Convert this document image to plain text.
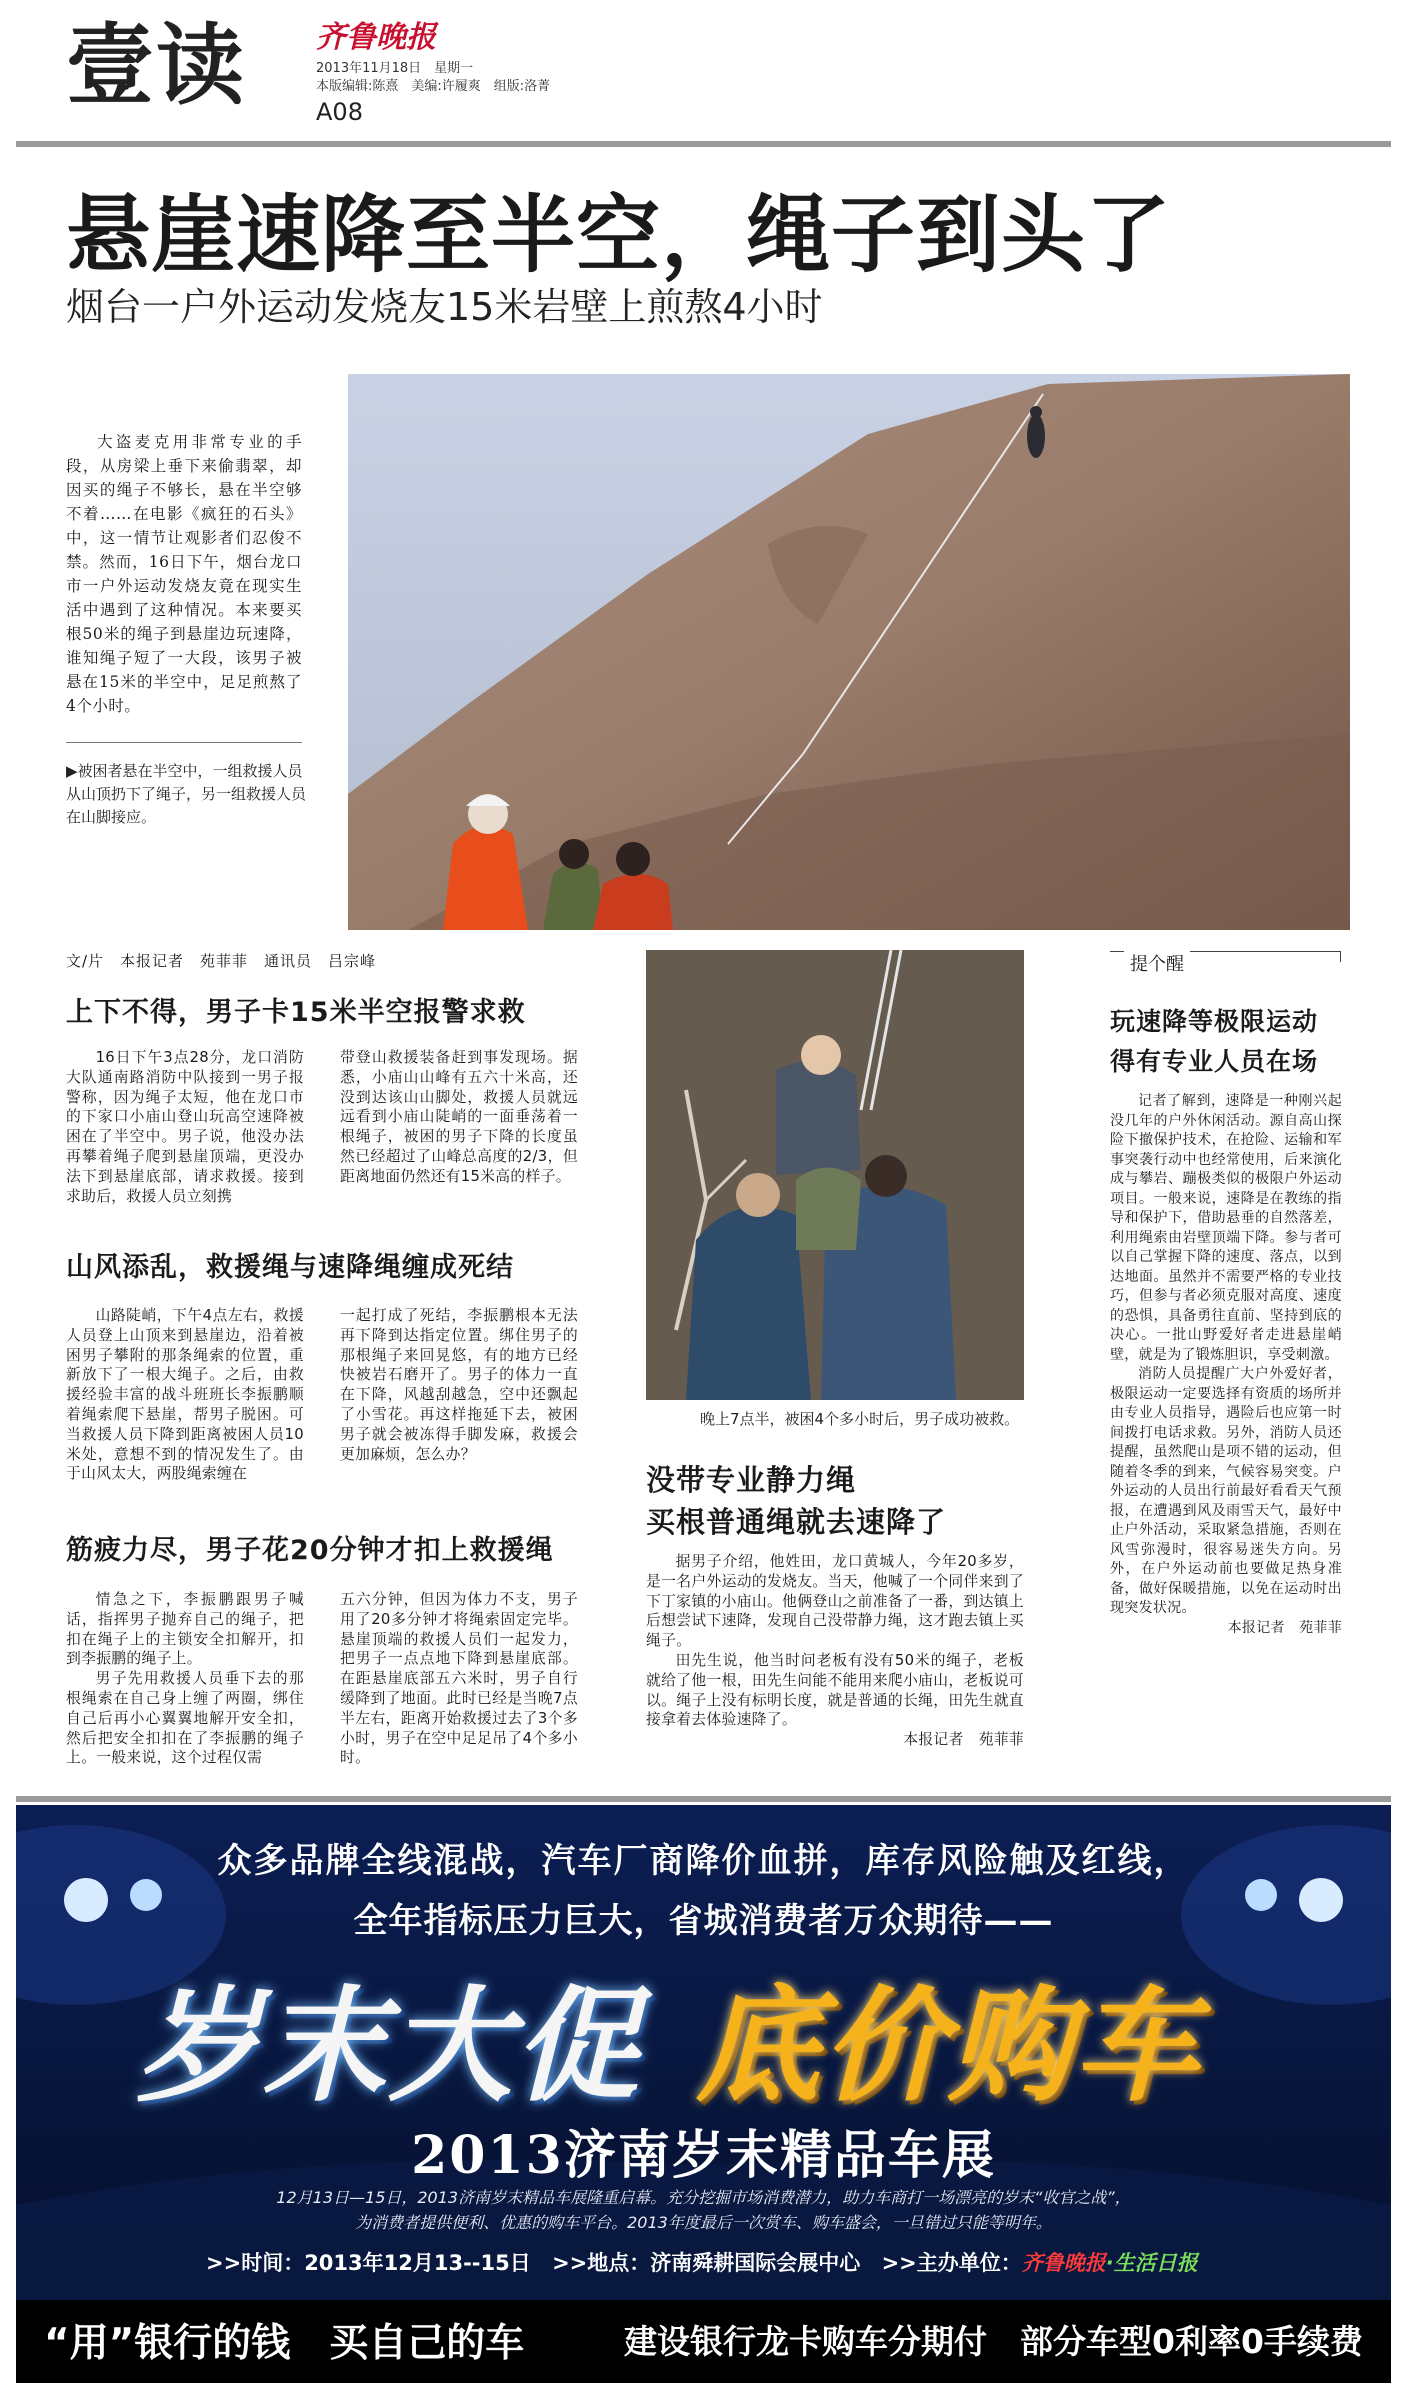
壹读 齐鲁晚报
2013年11月18日　星期一
本版编辑:陈熹　美编:许履爽　组版:洛菁
A08
悬崖速降至半空，绳子到头了
烟台一户外运动发烧友15米岩壁上煎熬4小时
大盗麦克用非常专业的手段，从房梁上垂下来偷翡翠，却因买的绳子不够长，悬在半空够不着……在电影《疯狂的石头》中，这一情节让观影者们忍俊不禁。然而，16日下午，烟台龙口市一户外运动发烧友竟在现实生活中遇到了这种情况。本来要买根50米的绳子到悬崖边玩速降，谁知绳子短了一大段，该男子被悬在15米的半空中，足足煎熬了4个小时。
▶被困者悬在半空中，一组救援人员从山顶扔下了绳子，另一组救援人员在山脚接应。
文/片　本报记者　苑菲菲　通讯员　吕宗峰
上下不得，男子卡15米半空报警求救
16日下午3点28分，龙口消防大队通南路消防中队接到一男子报警称，因为绳子太短，他在龙口市的下家口小庙山登山玩高空速降被困在了半空中。男子说，他没办法再攀着绳子爬到悬崖顶端，更没办法下到悬崖底部，请求救援。接到求助后，救援人员立刻携
带登山救援装备赶到事发现场。据悉，小庙山山峰有五六十米高，还没到达该山山脚处，救援人员就远远看到小庙山陡峭的一面垂荡着一根绳子，被困的男子下降的长度虽然已经超过了山峰总高度的2/3，但距离地面仍然还有15米高的样子。
山风添乱，救援绳与速降绳缠成死结
山路陡峭，下午4点左右，救援人员登上山顶来到悬崖边，沿着被困男子攀附的那条绳索的位置，重新放下了一根大绳子。之后，由救援经验丰富的战斗班班长李振鹏顺着绳索爬下悬崖，帮男子脱困。可当救援人员下降到距离被困人员10米处，意想不到的情况发生了。由于山风太大，两股绳索缠在
一起打成了死结，李振鹏根本无法再下降到达指定位置。绑住男子的那根绳子来回晃悠，有的地方已经快被岩石磨开了。男子的体力一直在下降，风越刮越急，空中还飘起了小雪花。再这样拖延下去，被困男子就会被冻得手脚发麻，救援会更加麻烦，怎么办？
筋疲力尽，男子花20分钟才扣上救援绳
情急之下，李振鹏跟男子喊话，指挥男子抛弃自己的绳子，把扣在绳子上的主锁安全扣解开，扣到李振鹏的绳子上。
男子先用救援人员垂下去的那根绳索在自己身上缠了两圈，绑住自己后再小心翼翼地解开安全扣，然后把安全扣扣在了李振鹏的绳子上。一般来说，这个过程仅需
五六分钟，但因为体力不支，男子用了20多分钟才将绳索固定完毕。悬崖顶端的救援人员们一起发力，把男子一点点地下降到悬崖底部。在距悬崖底部五六米时，男子自行缓降到了地面。此时已经是当晚7点半左右，距离开始救援过去了3个多小时，男子在空中足足吊了4个多小时。
晚上7点半，被困4个多小时后，男子成功被救。
没带专业静力绳
买根普通绳就去速降了
据男子介绍，他姓田，龙口黄城人，今年20多岁，是一名户外运动的发烧友。当天，他喊了一个同伴来到了下丁家镇的小庙山。他俩登山之前准备了一番，到达镇上后想尝试下速降，发现自己没带静力绳，这才跑去镇上买绳子。
田先生说，他当时问老板有没有50米的绳子，老板就给了他一根，田先生问能不能用来爬小庙山，老板说可以。绳子上没有标明长度，就是普通的长绳，田先生就直接拿着去体验速降了。
本报记者　苑菲菲
提个醒
玩速降等极限运动
得有专业人员在场
记者了解到，速降是一种刚兴起没几年的户外休闲活动。源自高山探险下撤保护技术，在抢险、运输和军事突袭行动中也经常使用，后来演化成与攀岩、蹦极类似的极限户外运动项目。一般来说，速降是在教练的指导和保护下，借助悬垂的自然落差，利用绳索由岩壁顶端下降。参与者可以自己掌握下降的速度、落点，以到达地面。虽然并不需要严格的专业技巧，但参与者必须克服对高度、速度的恐惧，具备勇往直前、坚持到底的决心。一批山野爱好者走进悬崖峭壁，就是为了锻炼胆识，享受刺激。
消防人员提醒广大户外爱好者，极限运动一定要选择有资质的场所并由专业人员指导，遇险后也应第一时间拨打电话求救。另外，消防人员还提醒，虽然爬山是项不错的运动，但随着冬季的到来，气候容易突变。户外运动的人员出行前最好看看天气预报，在遭遇到风及雨雪天气，最好中止户外活动，采取紧急措施，否则在风雪弥漫时，很容易迷失方向。另外，在户外运动前也要做足热身准备，做好保暖措施，以免在运动时出现突发状况。
本报记者　苑菲菲
众多品牌全线混战，汽车厂商降价血拼，库存风险触及红线，
全年指标压力巨大，省城消费者万众期待——
岁末大促 底价购车
2013济南岁末精品车展
12月13日—15日，2013济南岁末精品车展隆重启幕。充分挖掘市场消费潜力，助力车商打一场漂亮的岁末“收官之战”，
为消费者提供便利、优惠的购车平台。2013年度最后一次赏车、购车盛会，一旦错过只能等明年。
>>时间：2013年12月13--15日 >>地点：济南舜耕国际会展中心 >>主办单位：齐鲁晚报·生活日报
“用”银行的钱　买自己的车	建设银行龙卡购车分期付 部分车型0利率0手续费
